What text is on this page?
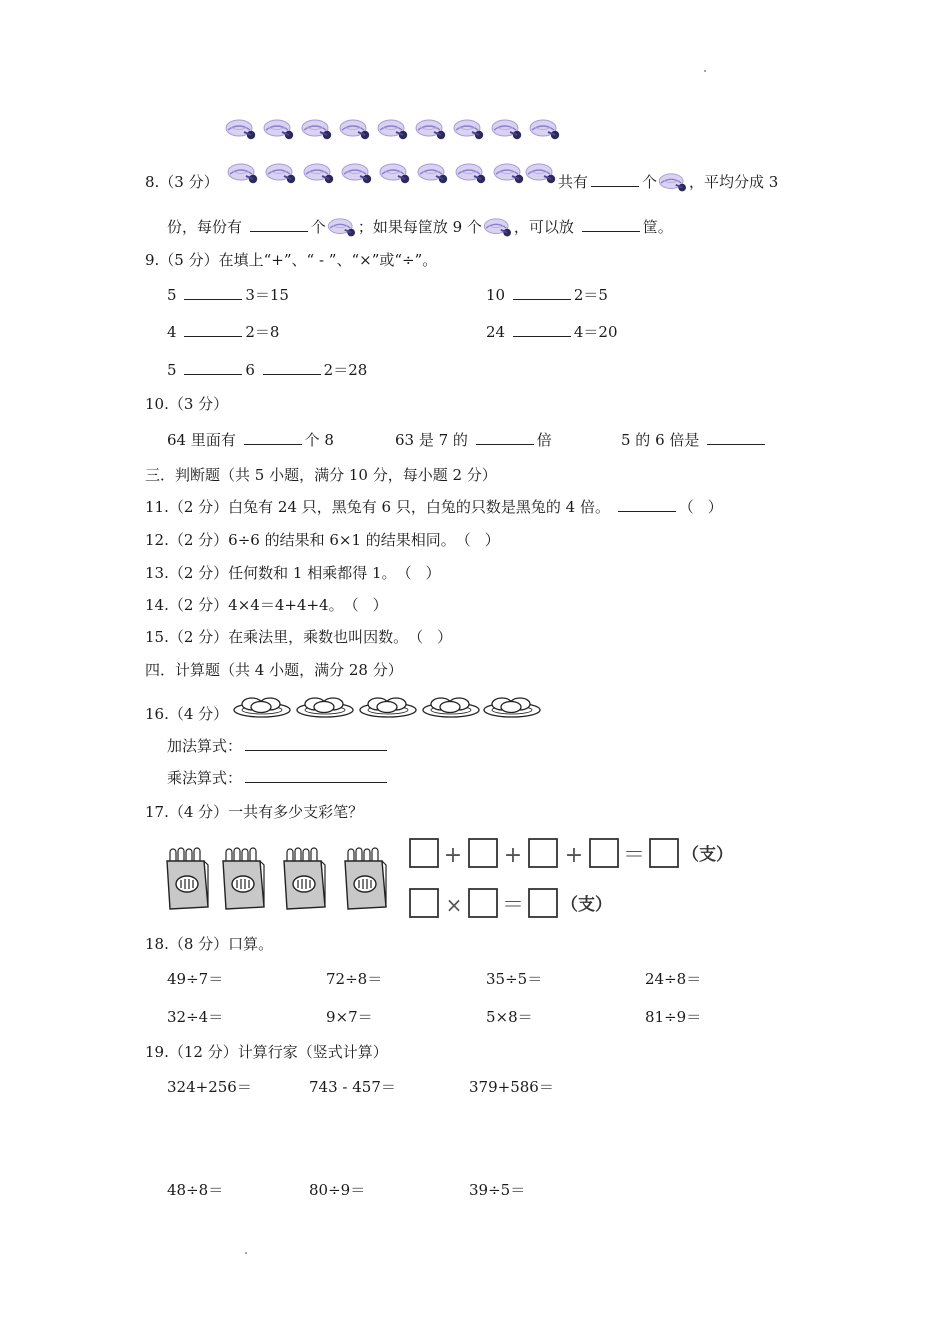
8.（3 分）	共有	个 ，平均分成 3
份，每份有	个 ；如果每筐放 9 个 ，可以放	筐。
9.（5 分）在填上“+”、“ - ”、“×”或“÷”。
5	3＝15	10	2＝5
4	2＝8	24	4＝20
5	6	2＝28
10.（3 分）
64 里面有	个 8	63 是 7 的	倍	5 的 6 倍是
三．判断题（共 5 小题，满分 10 分，每小题 2 分）
11.（2 分）白兔有 24 只，黑兔有 6 只，白兔的只数是黑兔的 4 倍。 （ ）
12.（2 分）6÷6 的结果和 6×1 的结果相同。（ ）
13.（2 分）任何数和 1 相乘都得 1。（ ）
14.（2 分）4×4＝4+4+4。（ ）
15.（2 分）在乘法里，乘数也叫因数。（ ）
四．计算题（共 4 小题，满分 28 分）
16.（4 分）
加法算式：
乘法算式：
17.（4 分）一共有多少支彩笔？
+ + + ＝ （支）
× ＝ （支）
18.（8 分）口算。
49÷7＝	72÷8＝	35÷5＝	24÷8＝
32÷4＝	9×7＝	5×8＝	81÷9＝
19.（12 分）计算行家（竖式计算）
324+256＝	743 - 457＝	379+586＝
48÷8＝	80÷9＝	39÷5＝
